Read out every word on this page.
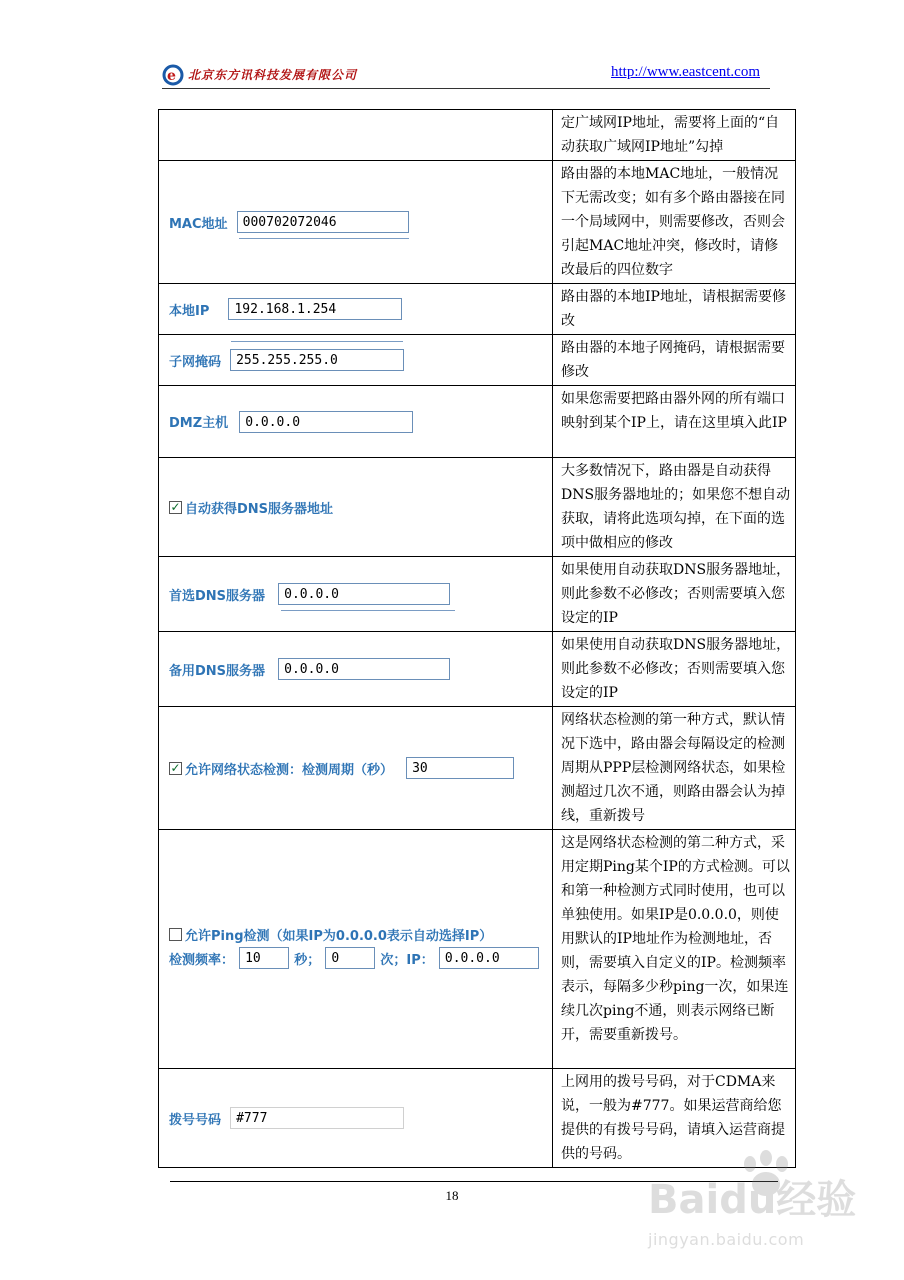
e 北京东方讯科技发展有限公司	http://www.eastcent.com
	定广域网IP地址，需要将上面的“自动获取广域网IP地址”勾掉

MAC地址 000702072046	路由器的本地MAC地址，一般情况下无需改变；如有多个路由器接在同一个局域网中，则需要修改，否则会引起MAC地址冲突，修改时，请修改最后的四位数字
本地IP 192.168.1.254	路由器的本地IP地址，请根据需要修改

子网掩码 255.255.255.0	路由器的本地子网掩码，请根据需要修改
DMZ主机 0.0.0.0	如果您需要把路由器外网的所有端口映射到某个IP上，请在这里填入此IP
✓ 自动获得DNS服务器地址	大多数情况下，路由器是自动获得DNS服务器地址的；如果您不想自动获取，请将此选项勾掉，在下面的选项中做相应的修改

首选DNS服务器 0.0.0.0	如果使用自动获取DNS服务器地址，则此参数不必修改；否则需要填入您设定的IP
备用DNS服务器 0.0.0.0	如果使用自动获取DNS服务器地址，则此参数不必修改；否则需要填入您设定的IP
✓ 允许网络状态检测：检测周期（秒） 30	网络状态检测的第一种方式，默认情况下选中，路由器会每隔设定的检测周期从PPP层检测网络状态，如果检测超过几次不通，则路由器会认为掉线，重新拨号

允许Ping检测（如果IP为0.0.0.0表示自动选择IP）
检测频率： 10 秒； 0 次；IP： 0.0.0.0	这是网络状态检测的第二种方式，采用定期Ping某个IP的方式检测。可以和第一种检测方式同时使用，也可以单独使用。如果IP是0.0.0.0，则使用默认的IP地址作为检测地址，否则，需要填入自定义的IP。检测频率表示，每隔多少秒ping一次，如果连续几次ping不通，则表示网络已断开，需要重新拨号。
拨号号码 #777	上网用的拨号号码，对于CDMA来说，一般为#777。如果运营商给您提供的有拨号号码，请填入运营商提供的号码。
18	Baidu经验
jingyan.baidu.com
